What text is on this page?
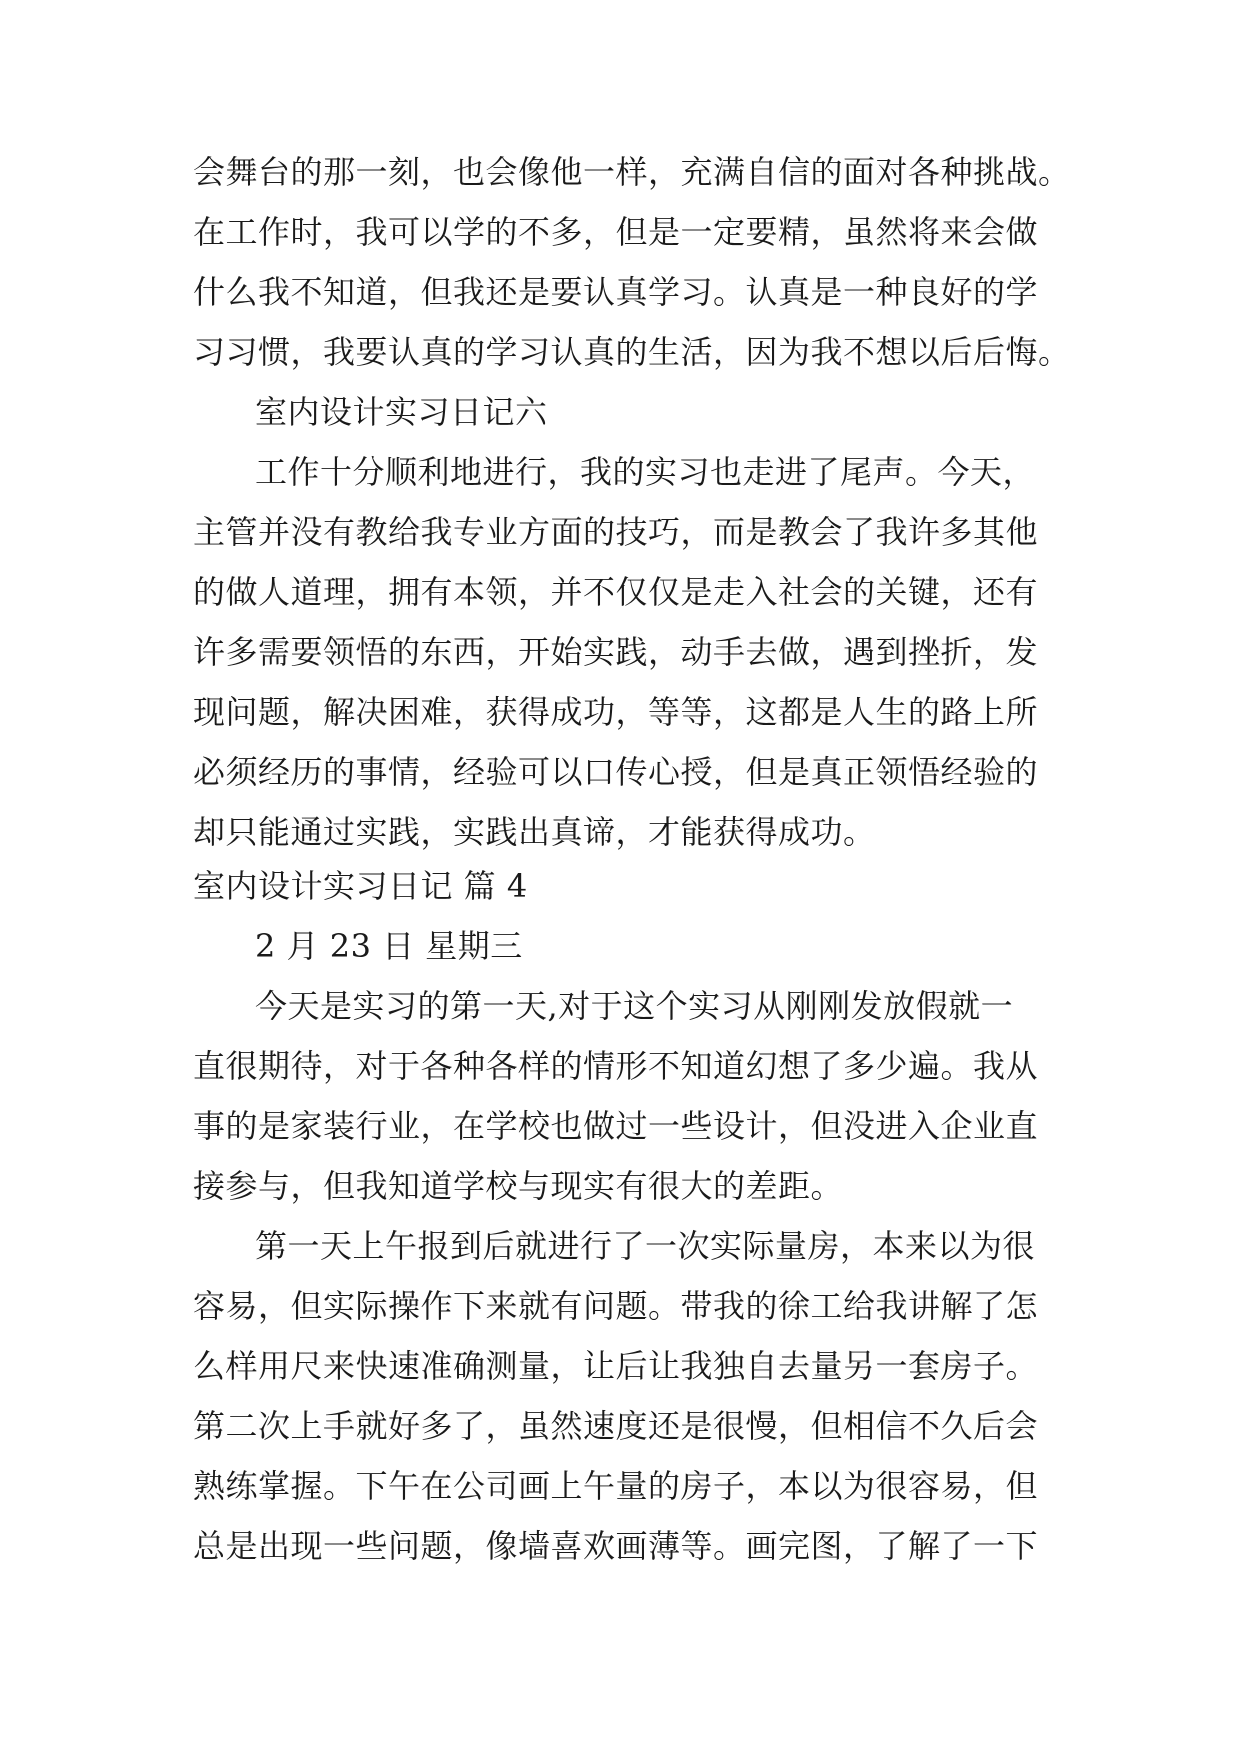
会舞台的那一刻，也会像他一样，充满自信的面对各种挑战。
在工作时，我可以学的不多，但是一定要精，虽然将来会做
什么我不知道，但我还是要认真学习。认真是一种良好的学
习习惯，我要认真的学习认真的生活，因为我不想以后后悔。
室内设计实习日记六
工作十分顺利地进行，我的实习也走进了尾声。今天，
主管并没有教给我专业方面的技巧，而是教会了我许多其他
的做人道理，拥有本领，并不仅仅是走入社会的关键，还有
许多需要领悟的东西，开始实践，动手去做，遇到挫折，发
现问题，解决困难，获得成功，等等，这都是人生的路上所
必须经历的事情，经验可以口传心授，但是真正领悟经验的
却只能通过实践，实践出真谛，才能获得成功。
室内设计实习日记 篇 4
2 月 23 日 星期三
今天是实习的第一天,对于这个实习从刚刚发放假就一
直很期待，对于各种各样的情形不知道幻想了多少遍。我从
事的是家装行业，在学校也做过一些设计，但没进入企业直
接参与，但我知道学校与现实有很大的差距。
第一天上午报到后就进行了一次实际量房，本来以为很
容易，但实际操作下来就有问题。带我的徐工给我讲解了怎
么样用尺来快速准确测量，让后让我独自去量另一套房子。
第二次上手就好多了，虽然速度还是很慢，但相信不久后会
熟练掌握。下午在公司画上午量的房子，本以为很容易，但
总是出现一些问题，像墙喜欢画薄等。画完图，了解了一下
